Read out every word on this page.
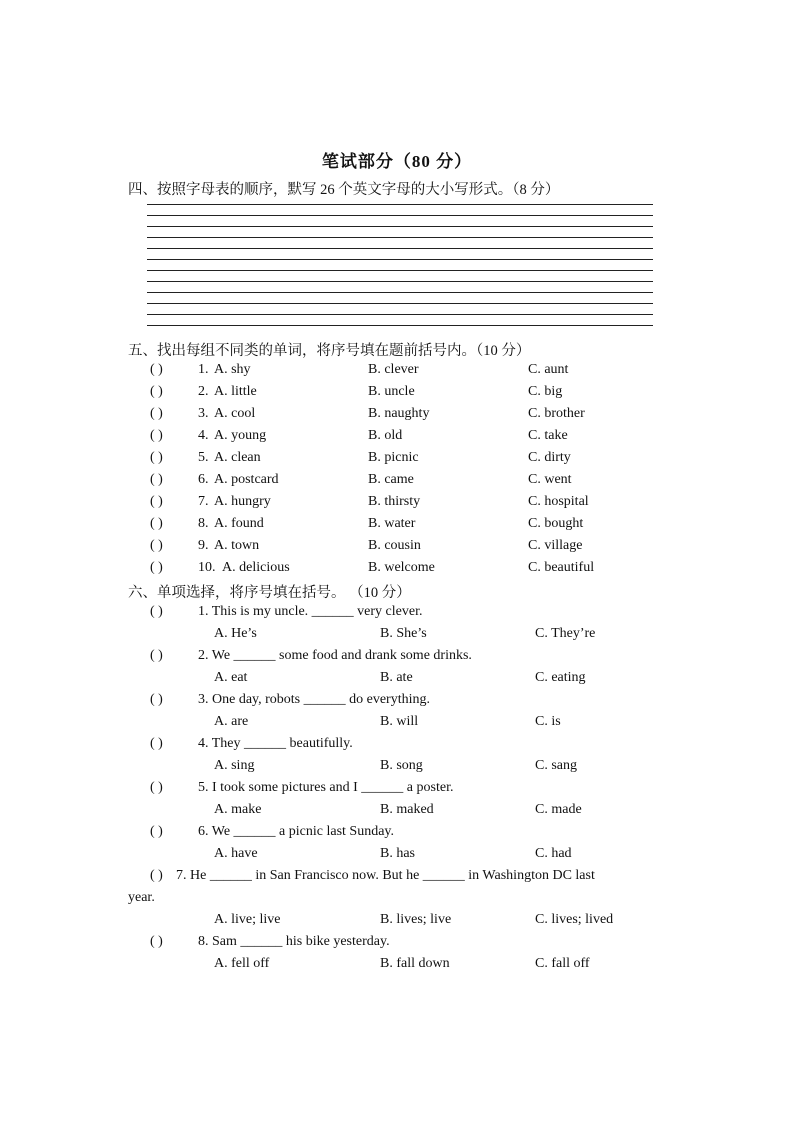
笔试部分（80 分）
四、按照字母表的顺序，默写 26 个英文字母的大小写形式。（8 分）
五、找出每组不同类的单词，将序号填在题前括号内。（10 分）
( )	1. A. shy	B. clever	C. aunt
( )	2. A. little	B. uncle	C. big
( )	3. A. cool	B. naughty	C. brother
( )	4. A. young	B. old	C. take
( )	5. A. clean	B. picnic	C. dirty
( )	6. A. postcard	B. came	C. went
( )	7. A. hungry	B. thirsty	C. hospital
( )	8. A. found	B. water	C. bought
( )	9. A. town	B. cousin	C. village
( )	10. A. delicious	B. welcome	C. beautiful
六、单项选择，将序号填在括号。 （10 分）
( )	1. This is my uncle. ______ very clever.
A. He’s	B. She’s	C. They’re
( )	2. We ______ some food and drank some drinks.
A. eat	B. ate	C. eating
( )	3. One day, robots ______ do everything.
A. are	B. will	C. is
( )	4. They ______ beautifully.
A. sing	B. song	C. sang
( )	5. I took some pictures and I ______ a poster.
A. make	B. maked	C. made
( )	6. We ______ a picnic last Sunday.
A. have	B. has	C. had
( ) 7. He ______ in San Francisco now. But he ______ in Washington DC last
year.
A. live; live	B. lives; live	C. lives; lived
( )	8. Sam ______ his bike yesterday.
A. fell off	B. fall down	C. fall off
